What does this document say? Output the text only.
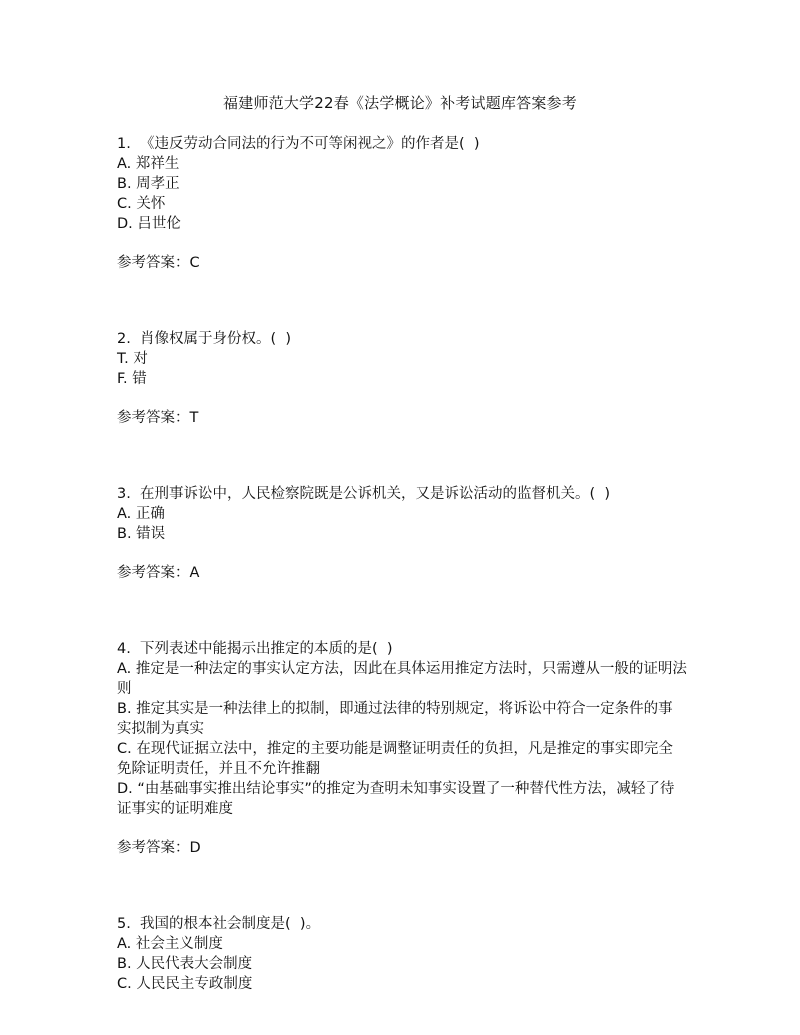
福建师范大学22春《法学概论》补考试题库答案参考

1.  《违反劳动合同法的行为不可等闲视之》的作者是(  )

A. 郑祥生

B. 周孝正

C. 关怀

D. 吕世伦

参考答案：C

2.  肖像权属于身份权。(  )

T. 对

F. 错

参考答案：T

3.  在刑事诉讼中，人民检察院既是公诉机关，又是诉讼活动的监督机关。(  )

A. 正确

B. 错误

参考答案：A

4.  下列表述中能揭示出推定的本质的是(  )

A. 推定是一种法定的事实认定方法，因此在具体运用推定方法时，只需遵从一般的证明法则

B. 推定其实是一种法律上的拟制，即通过法律的特别规定，将诉讼中符合一定条件的事实拟制为真实

C. 在现代证据立法中，推定的主要功能是调整证明责任的负担，凡是推定的事实即完全免除证明责任，并且不允许推翻

D. “由基础事实推出结论事实”的推定为查明未知事实设置了一种替代性方法，减轻了待证事实的证明难度

参考答案：D

5.  我国的根本社会制度是(  )。

A. 社会主义制度

B. 人民代表大会制度

C. 人民民主专政制度
